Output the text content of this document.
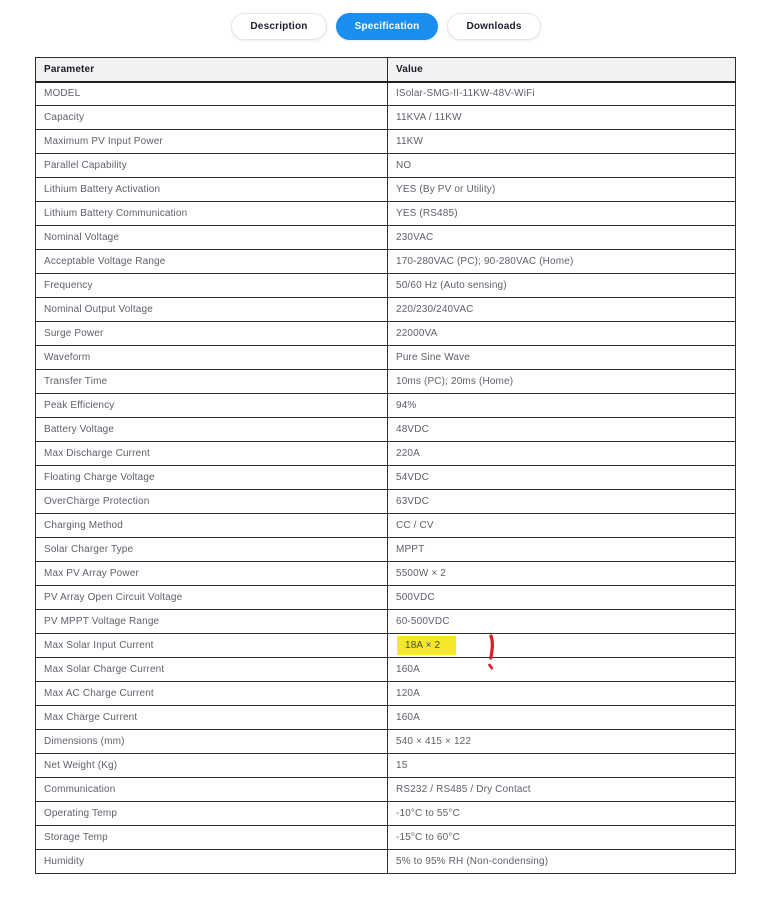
Description	Specification	Downloads
Parameter	Value
MODEL	ISolar-SMG-II-11KW-48V-WiFi
Capacity	11KVA / 11KW
Maximum PV Input Power	11KW
Parallel Capability	NO
Lithium Battery Activation	YES (By PV or Utility)
Lithium Battery Communication	YES (RS485)
Nominal Voltage	230VAC
Acceptable Voltage Range	170-280VAC (PC); 90-280VAC (Home)
Frequency	50/60 Hz (Auto sensing)
Nominal Output Voltage	220/230/240VAC
Surge Power	22000VA
Waveform	Pure Sine Wave
Transfer Time	10ms (PC); 20ms (Home)
Peak Efficiency	94%
Battery Voltage	48VDC
Max Discharge Current	220A
Floating Charge Voltage	54VDC
OverCharge Protection	63VDC
Charging Method	CC / CV
Solar Charger Type	MPPT
Max PV Array Power	5500W × 2
PV Array Open Circuit Voltage	500VDC
PV MPPT Voltage Range	60-500VDC
Max Solar Input Current	18A × 2
Max Solar Charge Current	160A
Max AC Charge Current	120A
Max Charge Current	160A
Dimensions (mm)	540 × 415 × 122
Net Weight (Kg)	15
Communication	RS232 / RS485 / Dry Contact
Operating Temp	-10°C to 55°C
Storage Temp	-15°C to 60°C
Humidity	5% to 95% RH (Non-condensing)
